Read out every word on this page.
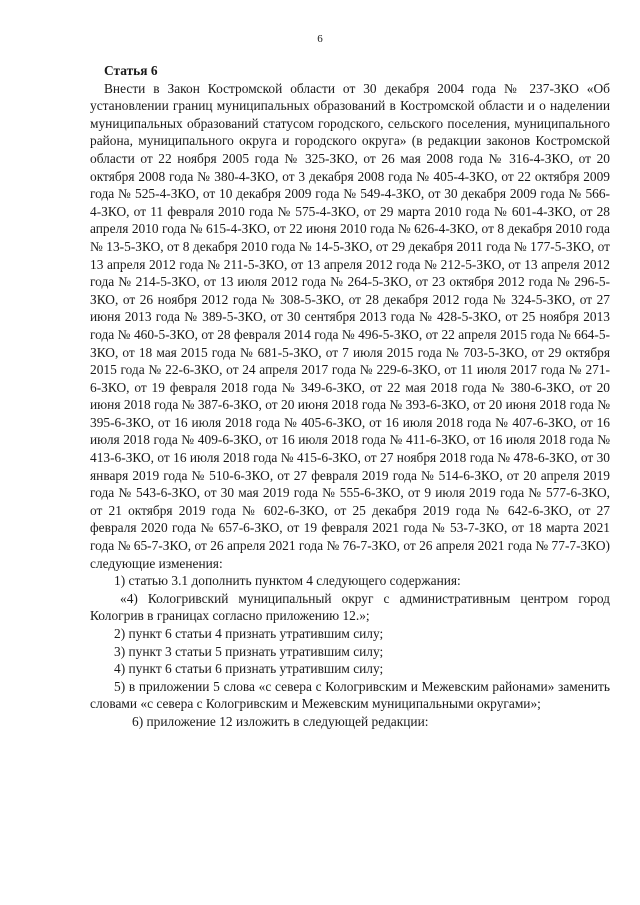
6

Статья 6

Внести в Закон Костромской области от 30 декабря 2004 года № 237-ЗКО «Об установлении границ муниципальных образований в Костромской области и о наделении муниципальных образований статусом городского, сельского поселения, муниципального района, муниципального округа и городского округа» (в редакции законов Костромской области от 22 ноября 2005 года № 325-ЗКО, от 26 мая 2008 года № 316-4-ЗКО, от 20 октября 2008 года № 380-4-ЗКО, от 3 декабря 2008 года № 405-4-ЗКО, от 22 октября 2009 года № 525-4-ЗКО, от 10 декабря 2009 года № 549-4-ЗКО, от 30 декабря 2009 года № 566-4-ЗКО, от 11 февраля 2010 года № 575-4-ЗКО, от 29 марта 2010 года № 601-4-ЗКО, от 28 апреля 2010 года № 615-4-ЗКО, от 22 июня 2010 года № 626-4-ЗКО, от 8 декабря 2010 года № 13-5-ЗКО, от 8 декабря 2010 года № 14-5-ЗКО, от 29 декабря 2011 года № 177-5-ЗКО, от 13 апреля 2012 года № 211-5-ЗКО, от 13 апреля 2012 года № 212-5-ЗКО, от 13 апреля 2012 года № 214-5-ЗКО, от 13 июля 2012 года № 264-5-ЗКО, от 23 октября 2012 года № 296-5-ЗКО, от 26 ноября 2012 года № 308-5-ЗКО, от 28 декабря 2012 года № 324-5-ЗКО, от 27 июня 2013 года № 389-5-ЗКО, от 30 сентября 2013 года № 428-5-ЗКО, от 25 ноября 2013 года № 460-5-ЗКО, от 28 февраля 2014 года № 496-5-ЗКО, от 22 апреля 2015 года № 664-5-ЗКО, от 18 мая 2015 года № 681-5-ЗКО, от 7 июля 2015 года № 703-5-ЗКО, от 29 октября 2015 года № 22-6-ЗКО, от 24 апреля 2017 года № 229-6-ЗКО, от 11 июля 2017 года № 271-6-ЗКО, от 19 февраля 2018 года № 349-6-ЗКО, от 22 мая 2018 года № 380-6-ЗКО, от 20 июня 2018 года № 387-6-ЗКО, от 20 июня 2018 года № 393-6-ЗКО, от 20 июня 2018 года № 395-6-ЗКО, от 16 июля 2018 года № 405-6-ЗКО, от 16 июля 2018 года № 407-6-ЗКО, от 16 июля 2018 года № 409-6-ЗКО, от 16 июля 2018 года № 411-6-ЗКО, от 16 июля 2018 года № 413-6-ЗКО, от 16 июля 2018 года № 415-6-ЗКО, от 27 ноября 2018 года № 478-6-ЗКО, от 30 января 2019 года № 510-6-ЗКО, от 27 февраля 2019 года № 514-6-ЗКО, от 20 апреля 2019 года № 543-6-ЗКО, от 30 мая 2019 года № 555-6-ЗКО, от 9 июля 2019 года № 577-6-ЗКО, от 21 октября 2019 года № 602-6-ЗКО, от 25 декабря 2019 года № 642-6-ЗКО, от 27 февраля 2020 года № 657-6-ЗКО, от 19 февраля 2021 года № 53-7-ЗКО, от 18 марта 2021 года № 65-7-ЗКО, от 26 апреля 2021 года № 76-7-ЗКО, от 26 апреля 2021 года № 77-7-ЗКО) следующие изменения:

1) статью 3.1 дополнить пунктом 4 следующего содержания:

«4) Кологривский муниципальный округ с административным центром город Кологрив в границах согласно приложению 12.»;

2) пункт 6 статьи 4 признать утратившим силу;

3) пункт 3 статьи 5 признать утратившим силу;

4) пункт 6 статьи 6 признать утратившим силу;

5) в приложении 5 слова «с севера с Кологривским и Межевским районами» заменить словами «с севера с Кологривским и Межевским муниципальными округами»;

6) приложение 12 изложить в следующей редакции:
